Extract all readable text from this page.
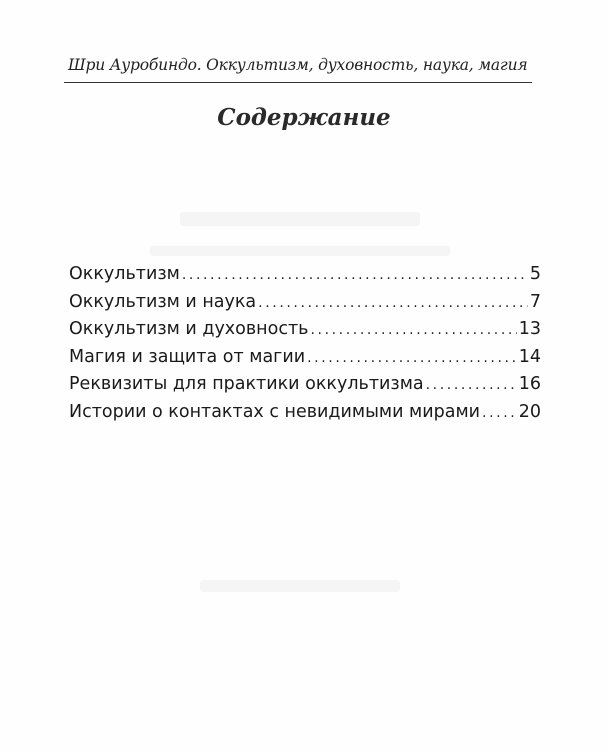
Шри Ауробиндо. Оккультизм, духовность, наука, магия
Содержание
Оккультизм .....	5
Оккультизм и наука .....	7
Оккультизм и духовность .....	13
Магия и защита от магии .....	14
Реквизиты для практики оккультизма .....	16
Истории о контактах с невидимыми мирами ..... 20
